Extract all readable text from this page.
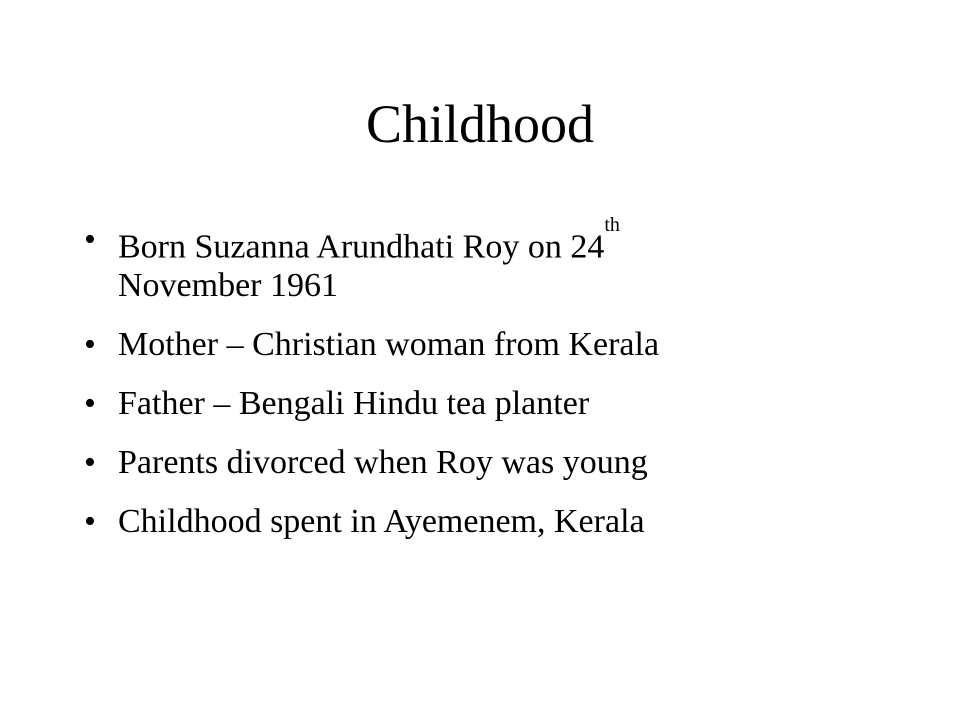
Childhood
• Born Suzanna Arundhati Roy on 24th
November 1961
• Mother – Christian woman from Kerala
• Father – Bengali Hindu tea planter
• Parents divorced when Roy was young
• Childhood spent in Ayemenem, Kerala
